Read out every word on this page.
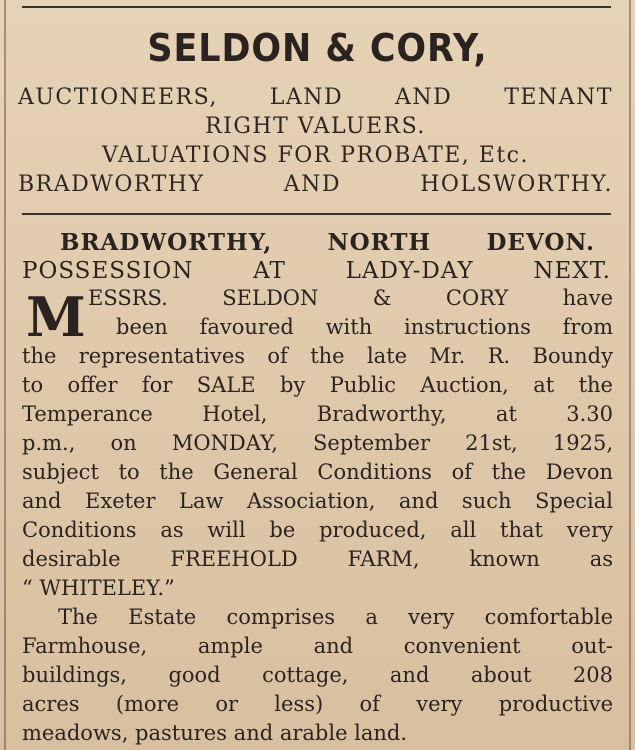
SELDON & CORY,
AUCTIONEERS, LAND AND TENANT
RIGHT VALUERS.
VALUATIONS FOR PROBATE, Etc.
BRADWORTHY	AND	HOLSWORTHY.
BRADWORTHY, NORTH DEVON.
POSSESSION	AT	LADY-DAY	NEXT.
M ESSRS. SELDON & CORY have
been favoured with instructions from
the representatives of the late Mr. R. Boundy
to offer for SALE by Public Auction, at the
Temperance Hotel, Bradworthy, at 3.30
p.m., on MONDAY, September 21st, 1925,
subject to the General Conditions of the Devon
and Exeter Law Association, and such Special
Conditions as will be produced, all that very
desirable FREEHOLD FARM, known as
“ WHITELEY.”
The Estate comprises a very comfortable
Farmhouse, ample and convenient out-
buildings, good cottage, and about 208
acres (more or less) of very productive
meadows, pastures and arable land.
